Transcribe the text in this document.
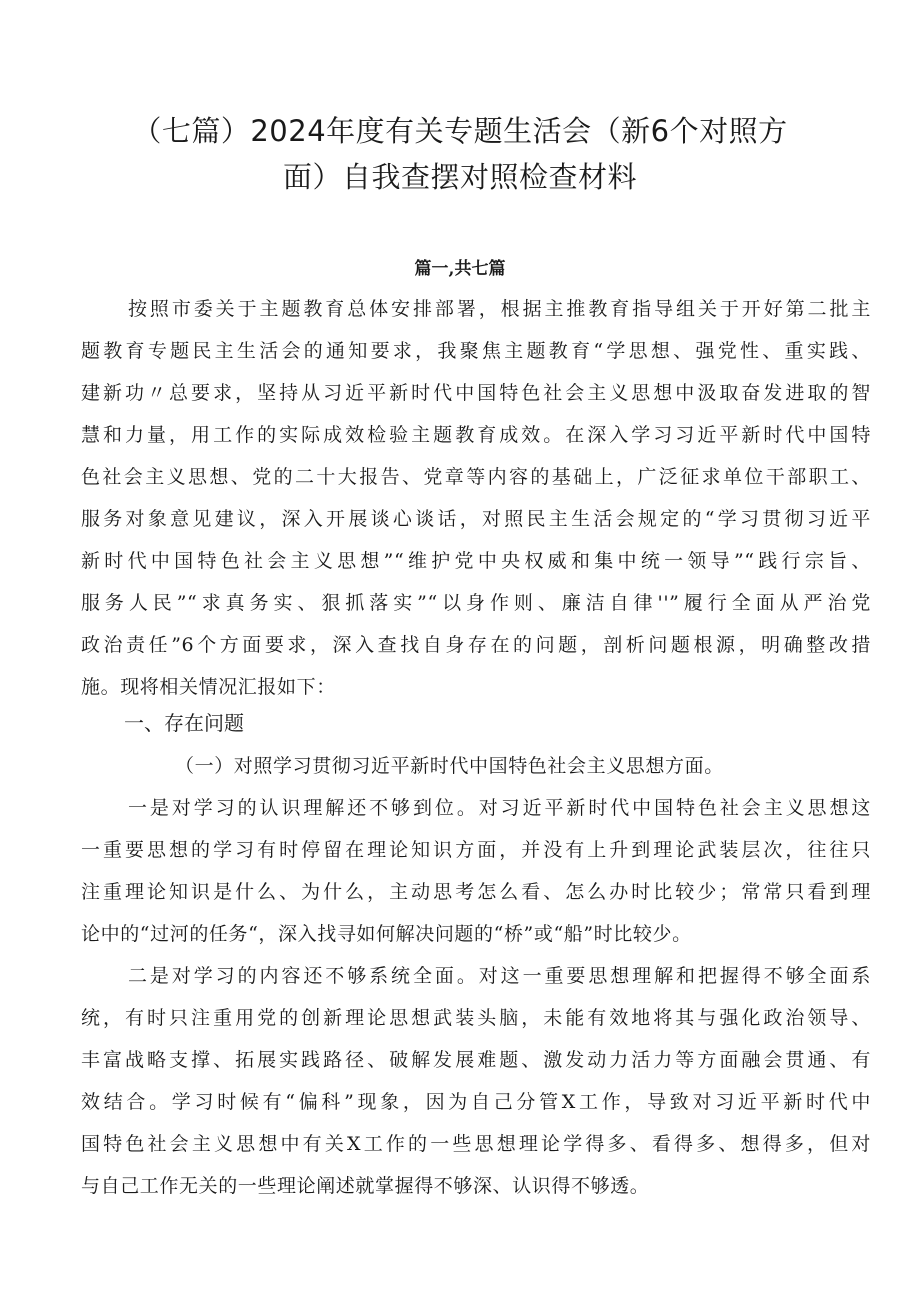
（七篇）2024年度有关专题生活会（新6个对照方
面）自我查摆对照检查材料
篇一,共七篇
按照市委关于主题教育总体安排部署，根据主推教育指导组关于开好第二批主
题教育专题民主生活会的通知要求，我聚焦主题教育“学思想、强党性、重实践、
建新功〃总要求，坚持从习近平新时代中国特色社会主义思想中汲取奋发进取的智
慧和力量，用工作的实际成效检验主题教育成效。在深入学习习近平新时代中国特
色社会主义思想、党的二十大报告、党章等内容的基础上，广泛征求单位干部职工、
服务对象意见建议，深入开展谈心谈话，对照民主生活会规定的“学习贯彻习近平
新时代中国特色社会主义思想”“维护党中央权威和集中统一领导”“践行宗旨、
服务人民”“求真务实、狠抓落实”“以身作则、廉洁自律''”履行全面从严治党
政治责任”6个方面要求，深入查找自身存在的问题，剖析问题根源，明确整改措
施。现将相关情况汇报如下：
一、存在问题
（一）对照学习贯彻习近平新时代中国特色社会主义思想方面。
一是对学习的认识理解还不够到位。对习近平新时代中国特色社会主义思想这
一重要思想的学习有时停留在理论知识方面，并没有上升到理论武装层次，往往只
注重理论知识是什么、为什么，主动思考怎么看、怎么办时比较少；常常只看到理
论中的“过河的任务“，深入找寻如何解决问题的“桥”或“船”时比较少。
二是对学习的内容还不够系统全面。对这一重要思想理解和把握得不够全面系
统，有时只注重用党的创新理论思想武装头脑，未能有效地将其与强化政治领导、
丰富战略支撑、拓展实践路径、破解发展难题、激发动力活力等方面融会贯通、有
效结合。学习时候有“偏科”现象，因为自己分管X工作，导致对习近平新时代中
国特色社会主义思想中有关X工作的一些思想理论学得多、看得多、想得多，但对
与自己工作无关的一些理论阐述就掌握得不够深、认识得不够透。
